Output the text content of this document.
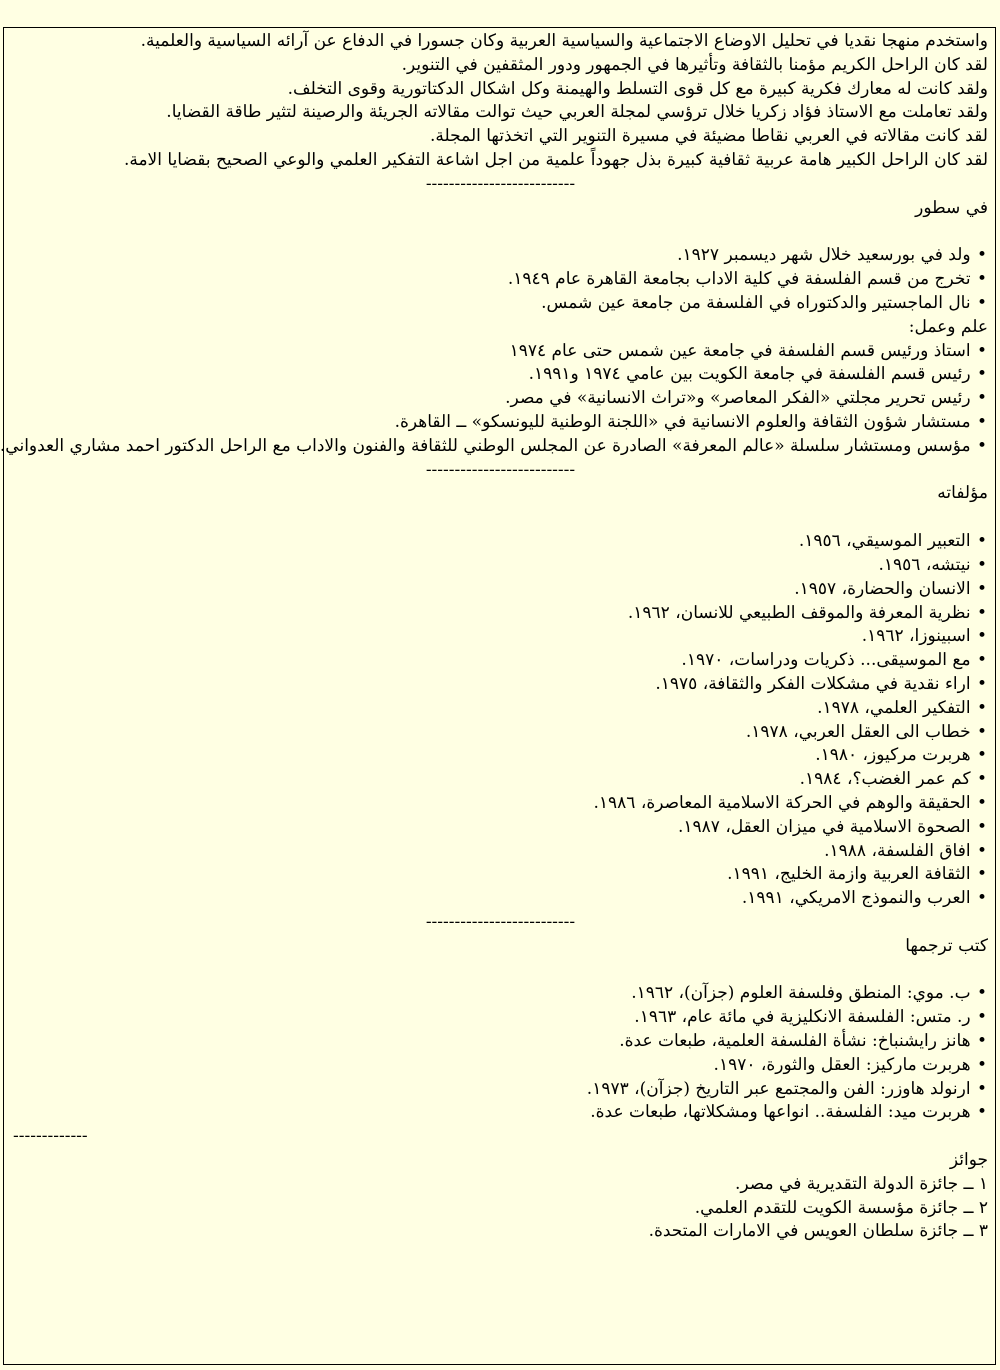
واستخدم منهجا نقديا في تحليل الاوضاع الاجتماعية والسياسية العربية وكان جسورا في الدفاع عن آرائه السياسية والعلمية.

لقد كان الراحل الكريم مؤمنا بالثقافة وتأثيرها في الجمهور ودور المثقفين في التنوير.

ولقد كانت له معارك فكرية كبيرة مع كل قوى التسلط والهيمنة وكل اشكال الدكتاتورية وقوى التخلف.

ولقد تعاملت مع الاستاذ فؤاد زكريا خلال ترؤسي لمجلة العربي حيث توالت مقالاته الجريئة والرصينة لتثير طاقة القضايا.

لقد كانت مقالاته في العربي نقاطا مضيئة في مسيرة التنوير التي اتخذتها المجلة.

لقد كان الراحل الكبير هامة عربية ثقافية كبيرة بذل جهوداً علمية من اجل اشاعة التفكير العلمي والوعي الصحيح بقضايا الامة.

--------------------------

في سطور

• ولد في بورسعيد خلال شهر ديسمبر ١٩٢٧.
• تخرج من قسم الفلسفة في كلية الاداب بجامعة القاهرة عام ١٩٤٩.
• نال الماجستير والدكتوراه في الفلسفة من جامعة عين شمس.

علم وعمل:

• استاذ ورئيس قسم الفلسفة في جامعة عين شمس حتى عام ١٩٧٤
• رئيس قسم الفلسفة في جامعة الكويت بين عامي ١٩٧٤ و١٩٩١.
• رئيس تحرير مجلتي «الفكر المعاصر» و«تراث الانسانية» في مصر.
• مستشار شؤون الثقافة والعلوم الانسانية في «اللجنة الوطنية لليونسكو» ــ القاهرة.
• مؤسس ومستشار سلسلة «عالم المعرفة» الصادرة عن المجلس الوطني للثقافة والفنون والاداب مع الراحل الدكتور احمد مشاري العدواني.

--------------------------

مؤلفاته

• التعبير الموسيقي، ١٩٥٦.
• نيتشه، ١٩٥٦.
• الانسان والحضارة، ١٩٥٧.
• نظرية المعرفة والموقف الطبيعي للانسان، ١٩٦٢.
• اسبينوزا، ١٩٦٢.
• مع الموسيقى... ذكريات ودراسات، ١٩٧٠.
• اراء نقدية في مشكلات الفكر والثقافة، ١٩٧٥.
• التفكير العلمي، ١٩٧٨.
• خطاب الى العقل العربي، ١٩٧٨.
• هربرت مركيوز، ١٩٨٠.
• كم عمر الغضب؟، ١٩٨٤.
• الحقيقة والوهم في الحركة الاسلامية المعاصرة، ١٩٨٦.
• الصحوة الاسلامية في ميزان العقل، ١٩٨٧.
• افاق الفلسفة، ١٩٨٨.
• الثقافة العربية وازمة الخليج، ١٩٩١.
• العرب والنموذج الامريكي، ١٩٩١.

--------------------------

كتب ترجمها

• ب. موي: المنطق وفلسفة العلوم (جزآن)، ١٩٦٢.
• ر. متس: الفلسفة الانكليزية في مائة عام، ١٩٦٣.
• هانز رايشنباخ: نشأة الفلسفة العلمية، طبعات عدة.
• هربرت ماركيز: العقل والثورة، ١٩٧٠.
• ارنولد هاوزر: الفن والمجتمع عبر التاريخ (جزآن)، ١٩٧٣.
• هربرت ميد: الفلسفة.. انواعها ومشكلاتها، طبعات عدة.

-------------

جوائز

١ ــ جائزة الدولة التقديرية في مصر.
٢ ــ جائزة مؤسسة الكويت للتقدم العلمي.
٣ ــ جائزة سلطان العويس في الامارات المتحدة.
